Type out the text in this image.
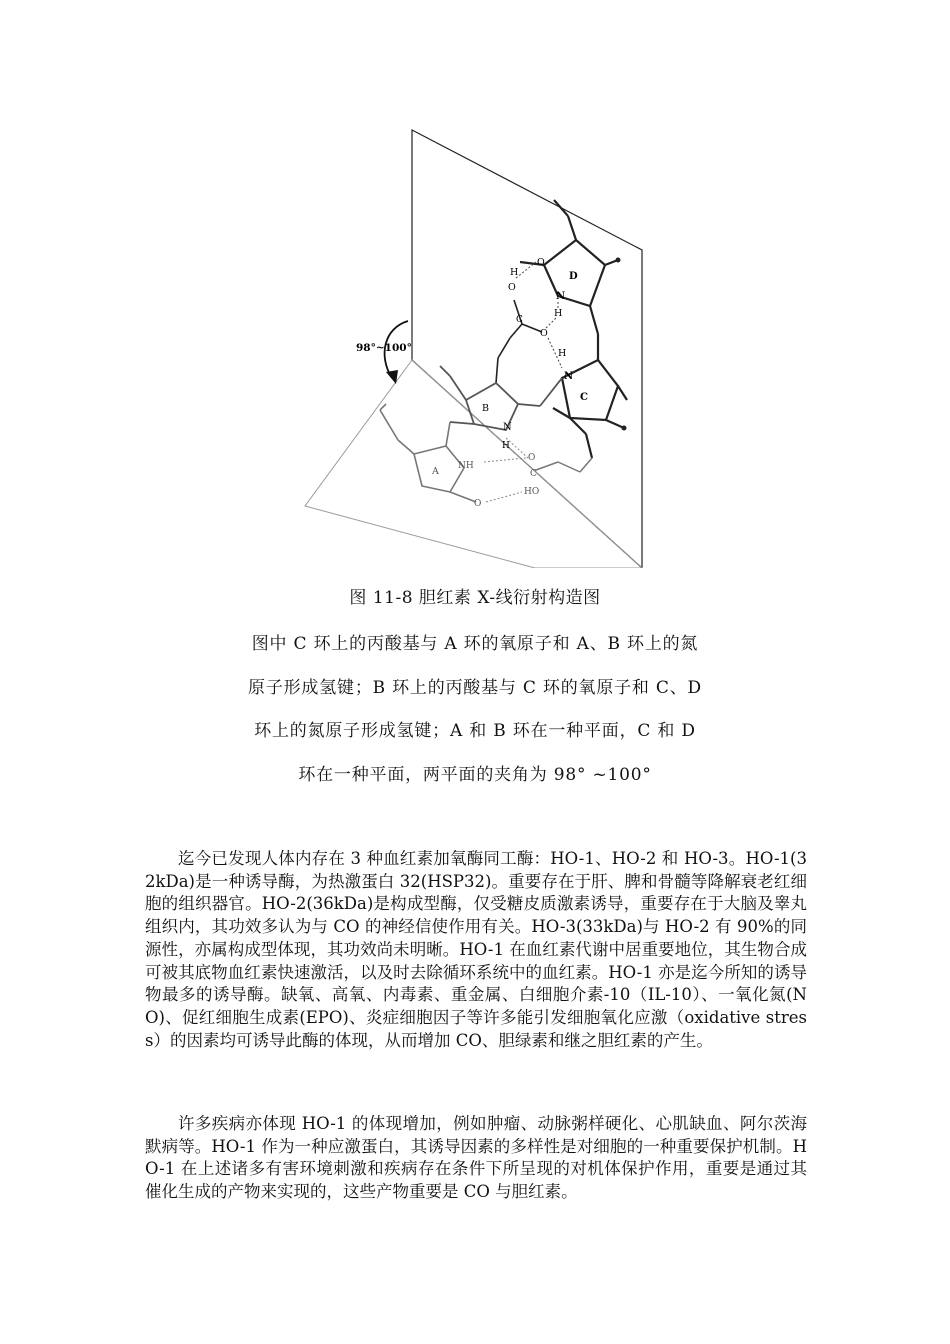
98°~100°
D
N
O
C
N
H
O
C
O
H
H
B
N
H
O
C
HO
A NH
O
图 11-8 胆红素 X-线衍射构造图
图中 C 环上的丙酸基与 A 环的氧原子和 A、B 环上的氮
原子形成氢键；B 环上的丙酸基与 C 环的氧原子和 C、D
环上的氮原子形成氢键；A 和 B 环在一种平面，C 和 D
环在一种平面，两平面的夹角为 98° ~100°

迄今已发现人体内存在 3 种血红素加氧酶同工酶：HO-1、HO-2 和 HO-3。HO-1(32kDa)是一种诱导酶，为热激蛋白 32(HSP32)。重要存在于肝、脾和骨髓等降解衰老红细胞的组织器官。HO-2(36kDa)是构成型酶，仅受糖皮质激素诱导，重要存在于大脑及睾丸组织内，其功效多认为与 CO 的神经信使作用有关。HO-3(33kDa)与 HO-2 有 90%的同源性，亦属构成型体现，其功效尚未明晰。HO-1 在血红素代谢中居重要地位，其生物合成可被其底物血红素快速激活，以及时去除循环系统中的血红素。HO-1 亦是迄今所知的诱导物最多的诱导酶。缺氧、高氧、内毒素、重金属、白细胞介素-10（IL-10）、一氧化氮(NO)、促红细胞生成素(EPO)、炎症细胞因子等许多能引发细胞氧化应激（oxidative stress）的因素均可诱导此酶的体现，从而增加 CO、胆绿素和继之胆红素的产生。

许多疾病亦体现 HO-1 的体现增加，例如肿瘤、动脉粥样硬化、心肌缺血、阿尔茨海默病等。HO-1 作为一种应激蛋白，其诱导因素的多样性是对细胞的一种重要保护机制。HO-1 在上述诸多有害环境刺激和疾病存在条件下所呈现的对机体保护作用，重要是通过其催化生成的产物来实现的，这些产物重要是 CO 与胆红素。
